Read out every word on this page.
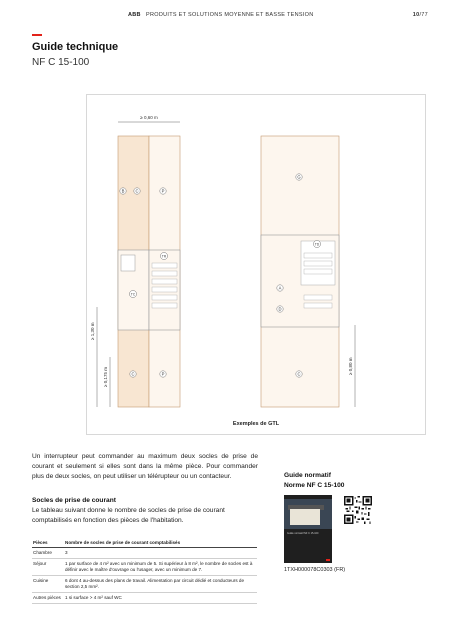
ABB PRODUITS ET SOLUTIONS MOYENNE ET BASSE TENSION	10/77
Guide technique
NF C 15-100
≥ 0,60 m
≥ 1,30 m
≥ 0,175 m
≥ 0,80 m
B	C	P
TC
TR
C	P
G
TD
A
D
C
Exemples de GTL
Un interrupteur peut commander au maximum deux socles de prise de courant et seulement si elles sont dans la même pièce. Pour commander plus de deux socles, on peut utiliser un télérupteur ou un contacteur.
Socles de prise de courant
Le tableau suivant donne le nombre de socles de prise de courant comptabilisés en fonction des pièces de l'habitation.
Pièces	Nombre de socles de prise de courant comptabilisés
Chambre	3
Séjour	1 par surface de 4 m² avec un minimum de 5. Si supérieur à 8 m², le nombre de socles est à définir avec le maître d'ouvrage ou l'usager, avec un minimum de 7.
Cuisine	6 dont 4 au-dessus des plans de travail. Alimentation par circuit dédié et conducteurs de section 2,5 mm².
Autres pièces	1 si surface > 4 m² sauf WC
Guide normatif
Norme NF C 15-100
Guide normatif NF C 15-100
1TXH000078C0303 (FR)
